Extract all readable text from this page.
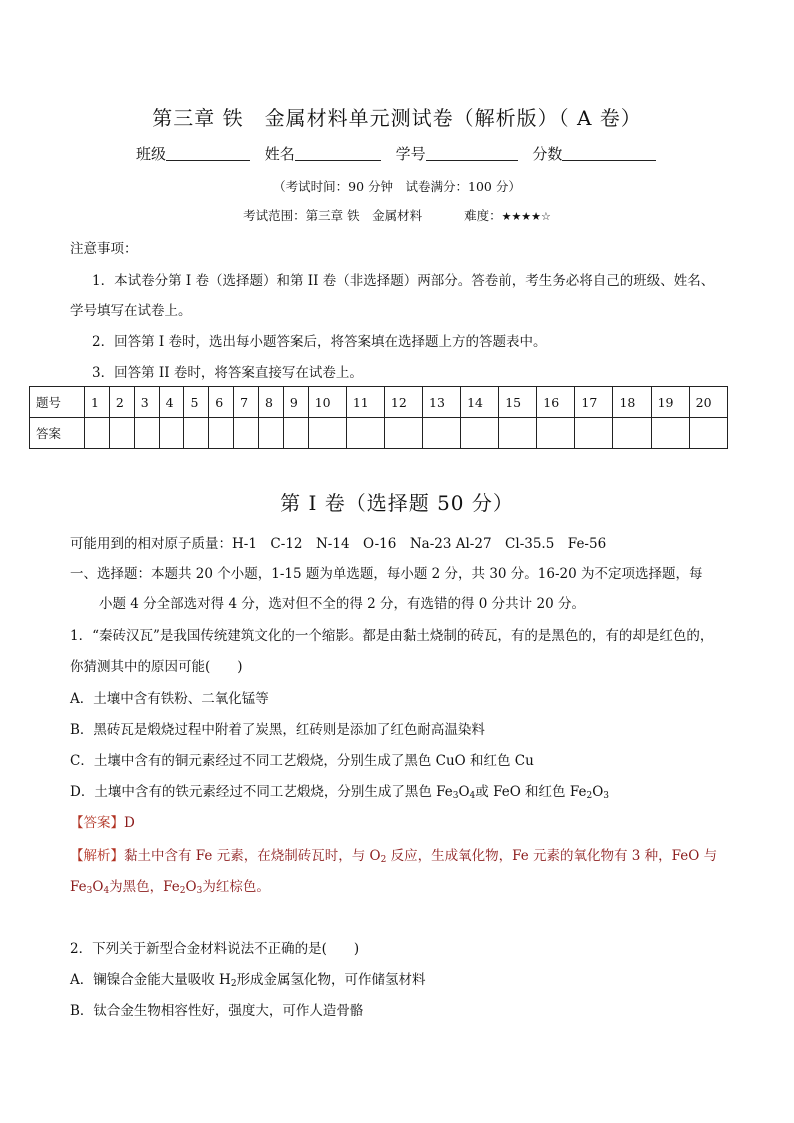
第三章 铁　金属材料单元测试卷（解析版）（ A 卷）
班级	姓名	学号	分数
（考试时间：90 分钟　试卷满分：100 分）
考试范围：第三章 铁　金属材料	难度：★★★★☆
注意事项：
1．本试卷分第 I 卷（选择题）和第 II 卷（非选择题）两部分。答卷前，考生务必将自己的班级、姓名、
学号填写在试卷上。
2．回答第 I 卷时，选出每小题答案后，将答案填在选择题上方的答题表中。
3．回答第 II 卷时，将答案直接写在试卷上。
题号	1	2	3	4	5	6	7	8	9	10	11	12	13	14	15	16	17	18	19	20
答案																				
第 I 卷（选择题 50 分）
可能用到的相对原子质量：H-1　C-12　N-14　O-16　Na-23 Al-27　Cl-35.5　Fe-56
一、选择题：本题共 20 个小题，1-15 题为单选题，每小题 2 分，共 30 分。16-20 为不定项选择题，每
小题 4 分全部选对得 4 分，选对但不全的得 2 分，有选错的得 0 分共计 20 分。
1．“秦砖汉瓦”是我国传统建筑文化的一个缩影。都是由黏土烧制的砖瓦，有的是黑色的，有的却是红色的，
你猜测其中的原因可能(　　)
A．土壤中含有铁粉、二氧化锰等
B．黑砖瓦是煅烧过程中附着了炭黑，红砖则是添加了红色耐高温染料
C．土壤中含有的铜元素经过不同工艺煅烧，分别生成了黑色 CuO 和红色 Cu
D．土壤中含有的铁元素经过不同工艺煅烧，分别生成了黑色 $Fe_3O_4$或 FeO 和红色 $Fe_2O_3$
【答案】D
【解析】黏土中含有 Fe 元素，在烧制砖瓦时，与 $O_2$ 反应，生成氧化物，Fe 元素的氧化物有 3 种，FeO 与
$Fe_3O_4$为黑色，$Fe_2O_3$为红棕色。
2．下列关于新型合金材料说法不正确的是(　　)
A．镧镍合金能大量吸收 $H_2$形成金属氢化物，可作储氢材料
B．钛合金生物相容性好，强度大，可作人造骨骼
